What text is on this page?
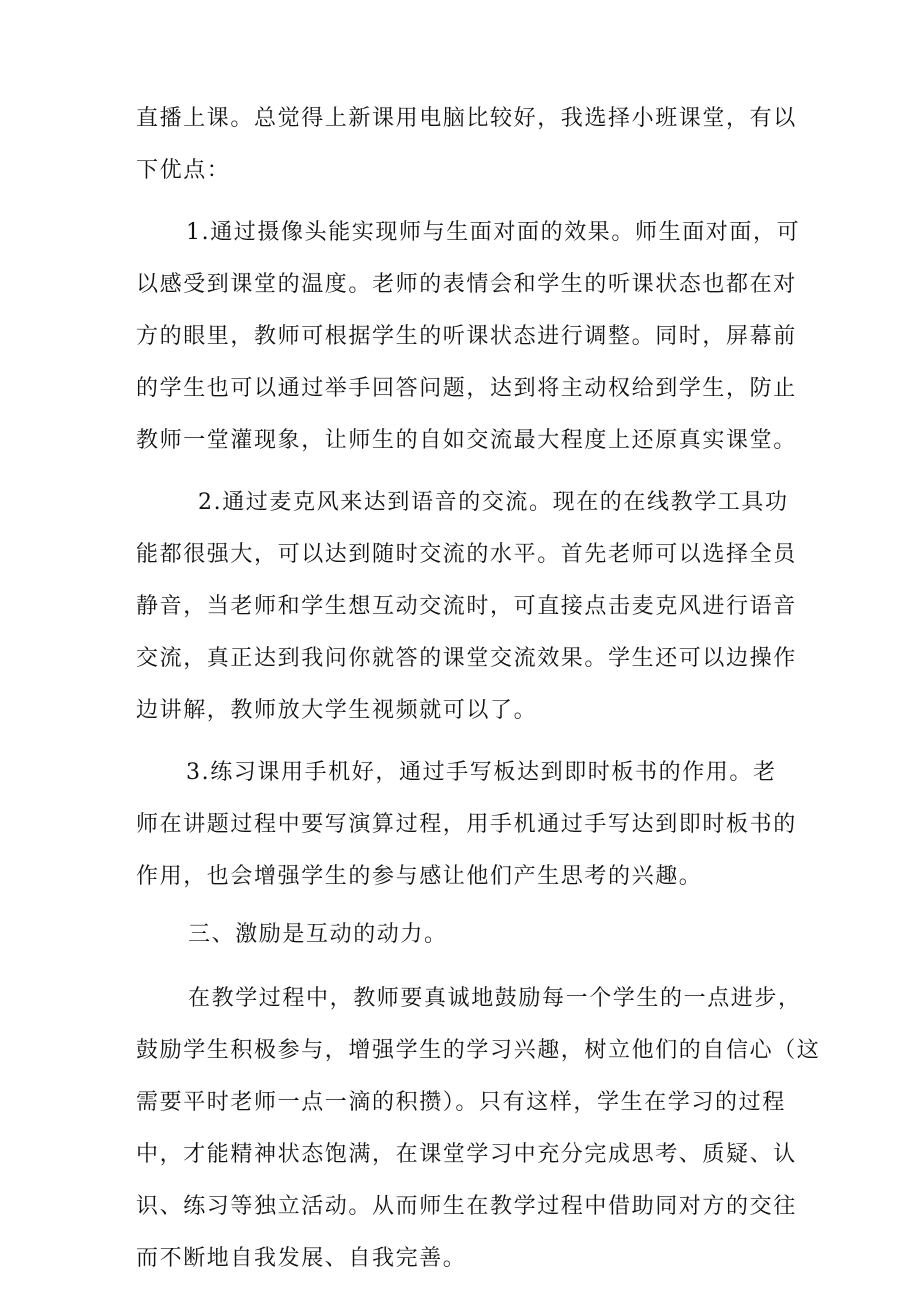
直播上课。总觉得上新课用电脑比较好，我选择小班课堂，有以
下优点：
1.通过摄像头能实现师与生面对面的效果。师生面对面，可
以感受到课堂的温度。老师的表情会和学生的听课状态也都在对
方的眼里，教师可根据学生的听课状态进行调整。同时，屏幕前
的学生也可以通过举手回答问题，达到将主动权给到学生，防止
教师一堂灌现象，让师生的自如交流最大程度上还原真实课堂。
2.通过麦克风来达到语音的交流。现在的在线教学工具功
能都很强大，可以达到随时交流的水平。首先老师可以选择全员
静音，当老师和学生想互动交流时，可直接点击麦克风进行语音
交流，真正达到我问你就答的课堂交流效果。学生还可以边操作
边讲解，教师放大学生视频就可以了。
3.练习课用手机好，通过手写板达到即时板书的作用。老
师在讲题过程中要写演算过程，用手机通过手写达到即时板书的
作用，也会增强学生的参与感让他们产生思考的兴趣。
三、激励是互动的动力。
在教学过程中，教师要真诚地鼓励每一个学生的一点进步，
鼓励学生积极参与，增强学生的学习兴趣，树立他们的自信心（这
需要平时老师一点一滴的积攒）。只有这样，学生在学习的过程
中，才能精神状态饱满，在课堂学习中充分完成思考、质疑、认
识、练习等独立活动。从而师生在教学过程中借助同对方的交往
而不断地自我发展、自我完善。
